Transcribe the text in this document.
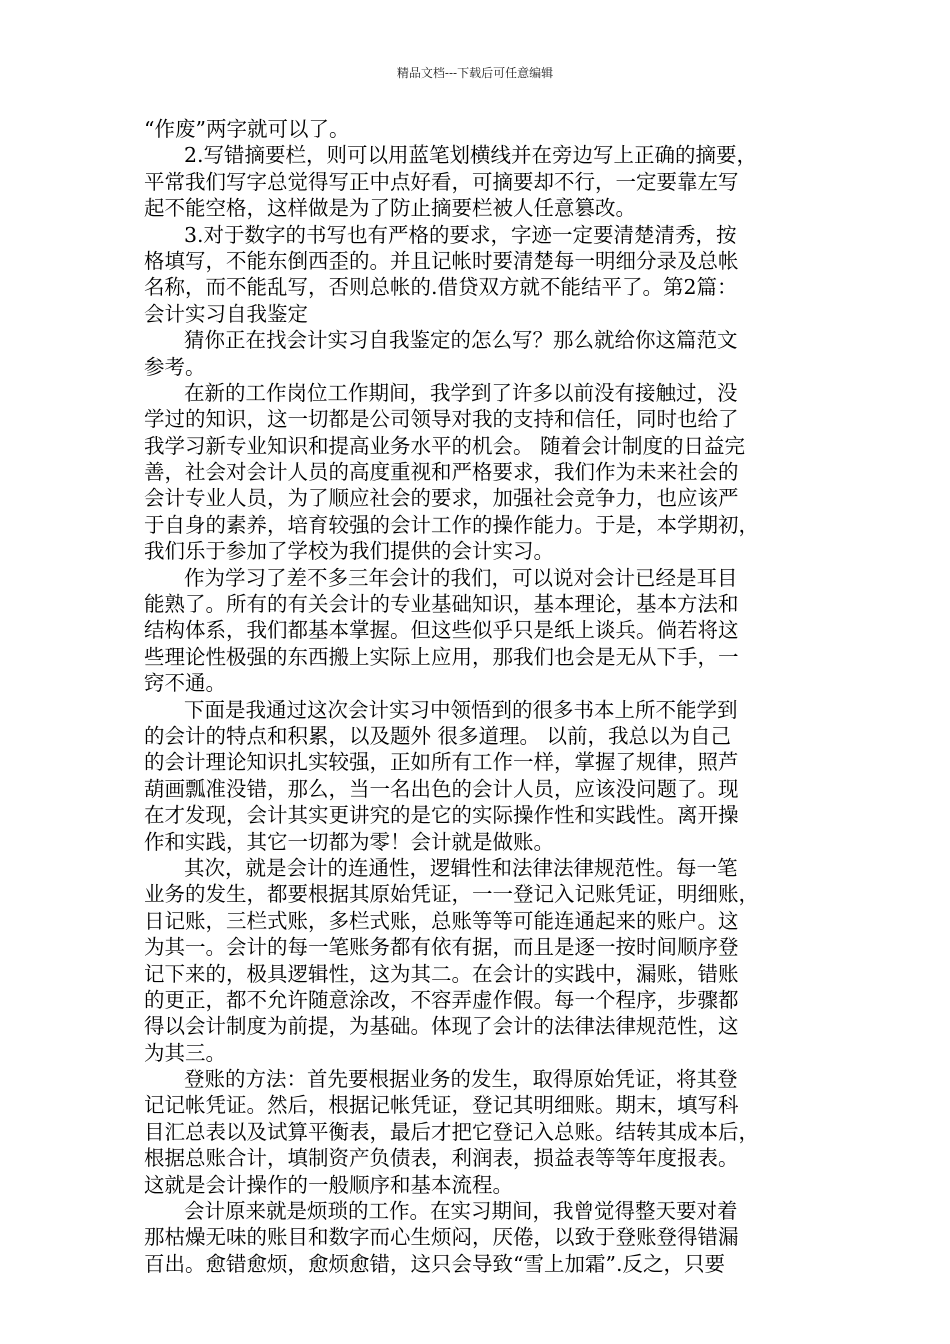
精品文档---下载后可任意编辑
“作废”两字就可以了。
2.写错摘要栏，则可以用蓝笔划横线并在旁边写上正确的摘要，
平常我们写字总觉得写正中点好看，可摘要却不行，一定要靠左写
起不能空格，这样做是为了防止摘要栏被人任意篡改。
3.对于数字的书写也有严格的要求，字迹一定要清楚清秀，按
格填写，不能东倒西歪的。并且记帐时要清楚每一明细分录及总帐
名称，而不能乱写，否则总帐的.借贷双方就不能结平了。第2篇：
会计实习自我鉴定
猜你正在找会计实习自我鉴定的怎么写？那么就给你这篇范文
参考。
在新的工作岗位工作期间，我学到了许多以前没有接触过，没
学过的知识，这一切都是公司领导对我的支持和信任，同时也给了
我学习新专业知识和提高业务水平的机会。 随着会计制度的日益完
善，社会对会计人员的高度重视和严格要求，我们作为未来社会的
会计专业人员，为了顺应社会的要求，加强社会竞争力，也应该严
于自身的素养，培育较强的会计工作的操作能力。于是，本学期初，
我们乐于参加了学校为我们提供的会计实习。
作为学习了差不多三年会计的我们，可以说对会计已经是耳目
能熟了。所有的有关会计的专业基础知识，基本理论，基本方法和
结构体系，我们都基本掌握。但这些似乎只是纸上谈兵。倘若将这
些理论性极强的东西搬上实际上应用，那我们也会是无从下手，一
窍不通。
下面是我通过这次会计实习中领悟到的很多书本上所不能学到
的会计的特点和积累，以及题外 很多道理。 以前，我总以为自己
的会计理论知识扎实较强，正如所有工作一样，掌握了规律，照芦
葫画瓢准没错，那么，当一名出色的会计人员，应该没问题了。现
在才发现，会计其实更讲究的是它的实际操作性和实践性。离开操
作和实践，其它一切都为零！会计就是做账。
其次，就是会计的连通性，逻辑性和法律法律规范性。每一笔
业务的发生，都要根据其原始凭证，一一登记入记账凭证，明细账，
日记账，三栏式账，多栏式账，总账等等可能连通起来的账户。这
为其一。会计的每一笔账务都有依有据，而且是逐一按时间顺序登
记下来的，极具逻辑性，这为其二。在会计的实践中，漏账，错账
的更正，都不允许随意涂改，不容弄虚作假。每一个程序，步骤都
得以会计制度为前提，为基础。体现了会计的法律法律规范性，这
为其三。
登账的方法：首先要根据业务的发生，取得原始凭证，将其登
记记帐凭证。然后，根据记帐凭证，登记其明细账。期末，填写科
目汇总表以及试算平衡表，最后才把它登记入总账。结转其成本后，
根据总账合计，填制资产负债表，利润表，损益表等等年度报表。
这就是会计操作的一般顺序和基本流程。
会计原来就是烦琐的工作。在实习期间，我曾觉得整天要对着
那枯燥无味的账目和数字而心生烦闷，厌倦，以致于登账登得错漏
百出。愈错愈烦，愈烦愈错，这只会导致“雪上加霜”.反之，只要
